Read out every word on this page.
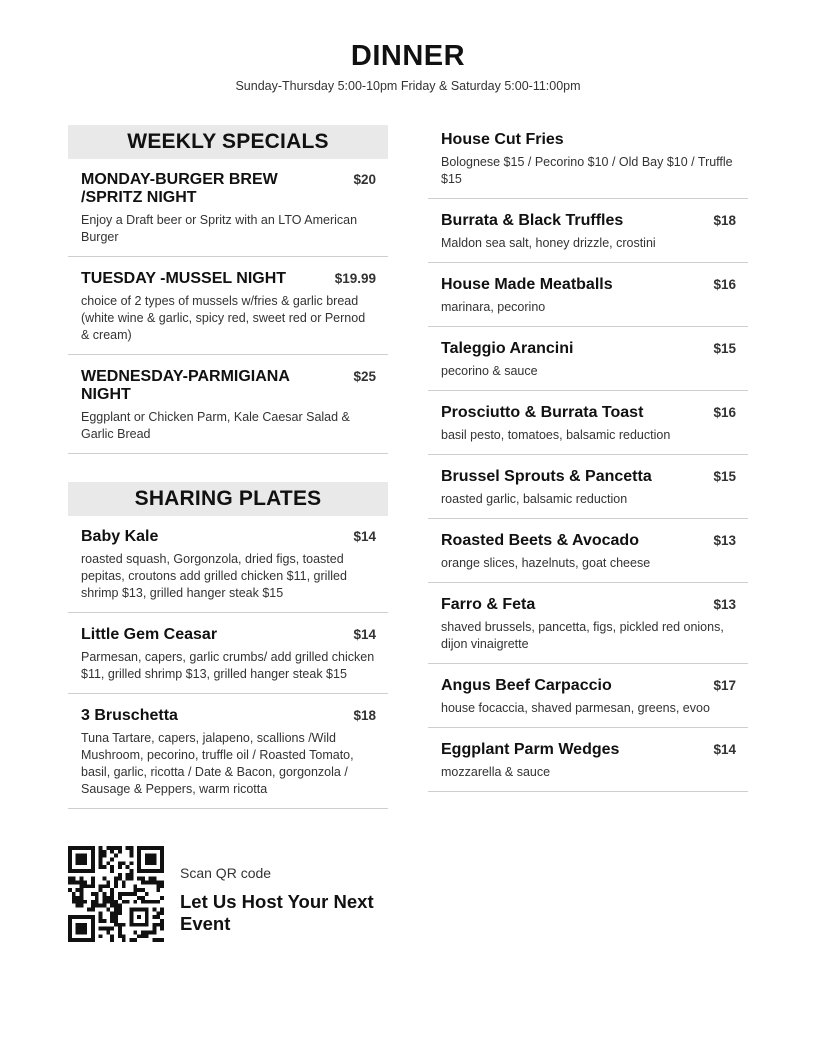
DINNER
Sunday-Thursday 5:00-10pm Friday & Saturday 5:00-11:00pm
WEEKLY SPECIALS
MONDAY-BURGER BREW /SPRITZ NIGHT
$20
Enjoy a Draft beer or Spritz with an LTO American Burger
TUESDAY -MUSSEL NIGHT	$19.99
choice of 2 types of mussels w/fries & garlic bread (white wine & garlic, spicy red, sweet red or Pernod & cream)
WEDNESDAY-PARMIGIANA NIGHT
$25
Eggplant or Chicken Parm, Kale Caesar Salad & Garlic Bread
SHARING PLATES
Baby Kale	$14
roasted squash, Gorgonzola, dried figs, toasted pepitas, croutons add grilled chicken $11, grilled shrimp $13, grilled hanger steak $15
Little Gem Ceasar	$14
Parmesan, capers, garlic crumbs/ add grilled chicken $11, grilled shrimp $13, grilled hanger steak $15
3 Bruschetta	$18
Tuna Tartare, capers, jalapeno, scallions /Wild Mushroom, pecorino, truffle oil / Roasted Tomato, basil, garlic, ricotta / Date & Bacon, gorgonzola / Sausage & Peppers, warm ricotta
House Cut Fries
Bolognese $15 / Pecorino $10 / Old Bay $10 / Truffle $15
Burrata & Black Truffles	$18
Maldon sea salt, honey drizzle, crostini
House Made Meatballs	$16
marinara, pecorino
Taleggio Arancini	$15
pecorino & sauce
Prosciutto & Burrata Toast	$16
basil pesto, tomatoes, balsamic reduction
Brussel Sprouts & Pancetta	$15
roasted garlic, balsamic reduction
Roasted Beets & Avocado	$13
orange slices, hazelnuts, goat cheese
Farro & Feta	$13
shaved brussels, pancetta, figs, pickled red onions, dijon vinaigrette
Angus Beef Carpaccio	$17
house focaccia, shaved parmesan, greens, evoo
Eggplant Parm Wedges	$14
mozzarella & sauce
Scan QR code
Let Us Host Your Next Event
